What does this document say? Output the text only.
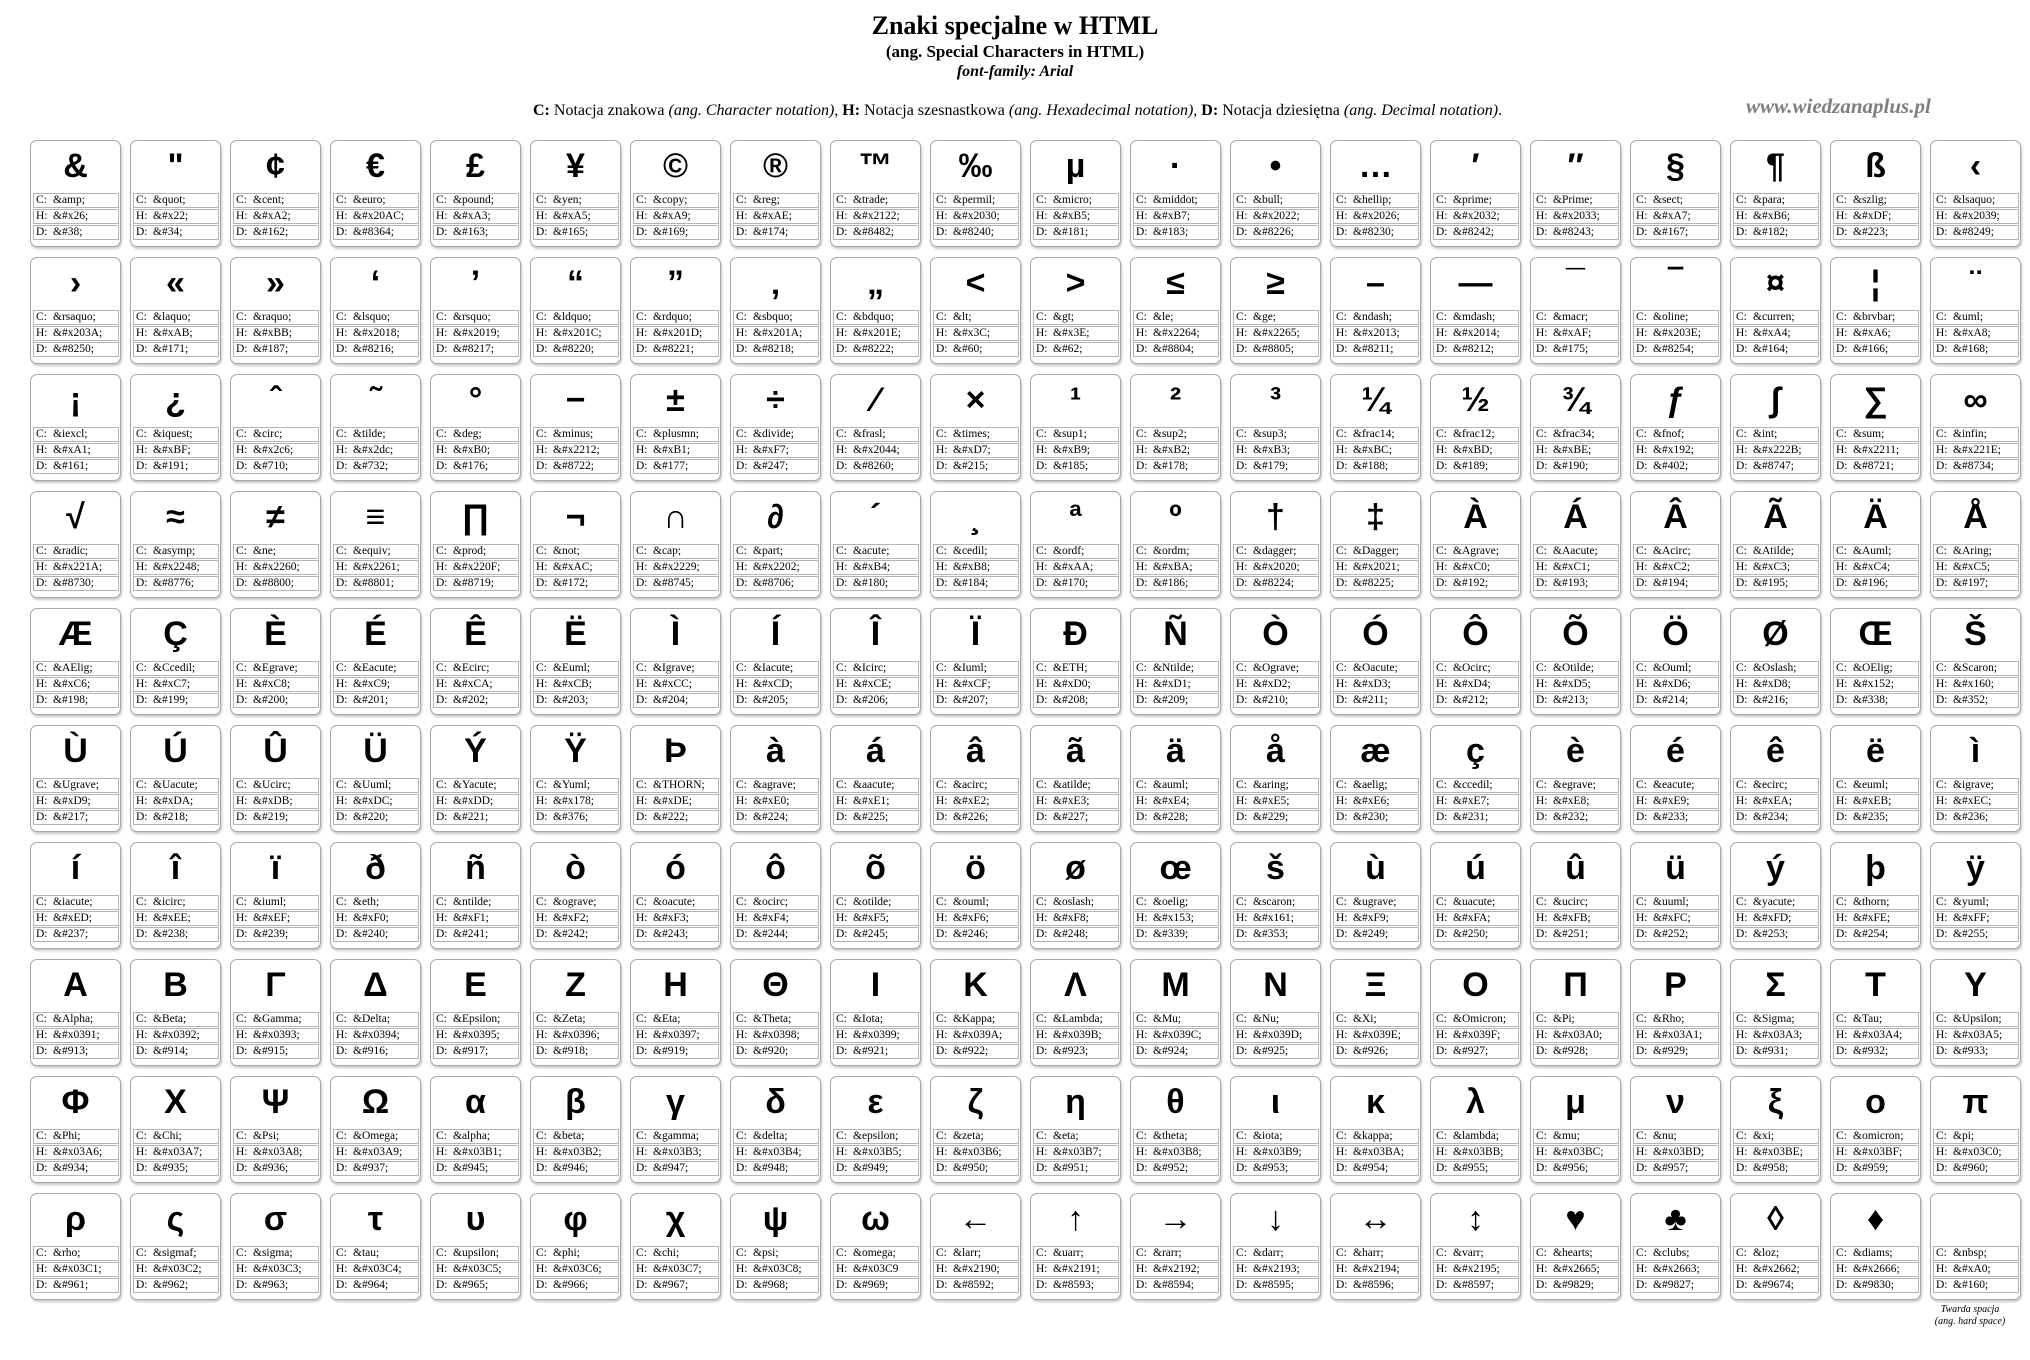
Znaki specjalne w HTML
(ang. Special Characters in HTML)
font-family: Arial
C: Notacja znakowa (ang. Character notation), H: Notacja szesnastkowa (ang. Hexadecimal notation), D: Notacja dziesiętna (ang. Decimal notation).	www.wiedzanaplus.pl
&
C: &amp;
H: &#x26;
D: &#38;
"
C: &quot;
H: &#x22;
D: &#34;
¢
C: &cent;
H: &#xA2;
D: &#162;
€
C: &euro;
H: &#x20AC;
D: &#8364;
£
C: &pound;
H: &#xA3;
D: &#163;
¥
C: &yen;
H: &#xA5;
D: &#165;
©
C: &copy;
H: &#xA9;
D: &#169;
®
C: &reg;
H: &#xAE;
D: &#174;
™
C: &trade;
H: &#x2122;
D: &#8482;
‰
C: &permil;
H: &#x2030;
D: &#8240;
µ
C: &micro;
H: &#xB5;
D: &#181;
·
C: &middot;
H: &#xB7;
D: &#183;
•
C: &bull;
H: &#x2022;
D: &#8226;
…
C: &hellip;
H: &#x2026;
D: &#8230;
′
C: &prime;
H: &#x2032;
D: &#8242;
″
C: &Prime;
H: &#x2033;
D: &#8243;
§
C: &sect;
H: &#xA7;
D: &#167;
¶
C: &para;
H: &#xB6;
D: &#182;
ß
C: &szlig;
H: &#xDF;
D: &#223;
‹
C: &lsaquo;
H: &#x2039;
D: &#8249;
›
C: &rsaquo;
H: &#x203A;
D: &#8250;
«
C: &laquo;
H: &#xAB;
D: &#171;
»
C: &raquo;
H: &#xBB;
D: &#187;
‘
C: &lsquo;
H: &#x2018;
D: &#8216;
’
C: &rsquo;
H: &#x2019;
D: &#8217;
“
C: &ldquo;
H: &#x201C;
D: &#8220;
”
C: &rdquo;
H: &#x201D;
D: &#8221;
‚
C: &sbquo;
H: &#x201A;
D: &#8218;
„
C: &bdquo;
H: &#x201E;
D: &#8222;
<
C: &lt;
H: &#x3C;
D: &#60;
>
C: &gt;
H: &#x3E;
D: &#62;
≤
C: &le;
H: &#x2264;
D: &#8804;
≥
C: &ge;
H: &#x2265;
D: &#8805;
–
C: &ndash;
H: &#x2013;
D: &#8211;
—
C: &mdash;
H: &#x2014;
D: &#8212;
¯
C: &macr;
H: &#xAF;
D: &#175;
‾
C: &oline;
H: &#x203E;
D: &#8254;
¤
C: &curren;
H: &#xA4;
D: &#164;
¦
C: &brvbar;
H: &#xA6;
D: &#166;
¨
C: &uml;
H: &#xA8;
D: &#168;
¡
C: &iexcl;
H: &#xA1;
D: &#161;
¿
C: &iquest;
H: &#xBF;
D: &#191;
ˆ
C: &circ;
H: &#x2c6;
D: &#710;
˜
C: &tilde;
H: &#x2dc;
D: &#732;
°
C: &deg;
H: &#xB0;
D: &#176;
−
C: &minus;
H: &#x2212;
D: &#8722;
±
C: &plusmn;
H: &#xB1;
D: &#177;
÷
C: &divide;
H: &#xF7;
D: &#247;
⁄
C: &frasl;
H: &#x2044;
D: &#8260;
×
C: &times;
H: &#xD7;
D: &#215;
¹
C: &sup1;
H: &#xB9;
D: &#185;
²
C: &sup2;
H: &#xB2;
D: &#178;
³
C: &sup3;
H: &#xB3;
D: &#179;
¼
C: &frac14;
H: &#xBC;
D: &#188;
½
C: &frac12;
H: &#xBD;
D: &#189;
¾
C: &frac34;
H: &#xBE;
D: &#190;
ƒ
C: &fnof;
H: &#x192;
D: &#402;
∫
C: &int;
H: &#x222B;
D: &#8747;
∑
C: &sum;
H: &#x2211;
D: &#8721;
∞
C: &infin;
H: &#x221E;
D: &#8734;
√
C: &radic;
H: &#x221A;
D: &#8730;
≈
C: &asymp;
H: &#x2248;
D: &#8776;
≠
C: &ne;
H: &#x2260;
D: &#8800;
≡
C: &equiv;
H: &#x2261;
D: &#8801;
∏
C: &prod;
H: &#x220F;
D: &#8719;
¬
C: &not;
H: &#xAC;
D: &#172;
∩
C: &cap;
H: &#x2229;
D: &#8745;
∂
C: &part;
H: &#x2202;
D: &#8706;
´
C: &acute;
H: &#xB4;
D: &#180;
¸
C: &cedil;
H: &#xB8;
D: &#184;
ª
C: &ordf;
H: &#xAA;
D: &#170;
º
C: &ordm;
H: &#xBA;
D: &#186;
†
C: &dagger;
H: &#x2020;
D: &#8224;
‡
C: &Dagger;
H: &#x2021;
D: &#8225;
À
C: &Agrave;
H: &#xC0;
D: &#192;
Á
C: &Aacute;
H: &#xC1;
D: &#193;
Â
C: &Acirc;
H: &#xC2;
D: &#194;
Ã
C: &Atilde;
H: &#xC3;
D: &#195;
Ä
C: &Auml;
H: &#xC4;
D: &#196;
Å
C: &Aring;
H: &#xC5;
D: &#197;
Æ
C: &AElig;
H: &#xC6;
D: &#198;
Ç
C: &Ccedil;
H: &#xC7;
D: &#199;
È
C: &Egrave;
H: &#xC8;
D: &#200;
É
C: &Eacute;
H: &#xC9;
D: &#201;
Ê
C: &Ecirc;
H: &#xCA;
D: &#202;
Ë
C: &Euml;
H: &#xCB;
D: &#203;
Ì
C: &Igrave;
H: &#xCC;
D: &#204;
Í
C: &Iacute;
H: &#xCD;
D: &#205;
Î
C: &Icirc;
H: &#xCE;
D: &#206;
Ï
C: &Iuml;
H: &#xCF;
D: &#207;
Ð
C: &ETH;
H: &#xD0;
D: &#208;
Ñ
C: &Ntilde;
H: &#xD1;
D: &#209;
Ò
C: &Ograve;
H: &#xD2;
D: &#210;
Ó
C: &Oacute;
H: &#xD3;
D: &#211;
Ô
C: &Ocirc;
H: &#xD4;
D: &#212;
Õ
C: &Otilde;
H: &#xD5;
D: &#213;
Ö
C: &Ouml;
H: &#xD6;
D: &#214;
Ø
C: &Oslash;
H: &#xD8;
D: &#216;
Œ
C: &OElig;
H: &#x152;
D: &#338;
Š
C: &Scaron;
H: &#x160;
D: &#352;
Ù
C: &Ugrave;
H: &#xD9;
D: &#217;
Ú
C: &Uacute;
H: &#xDA;
D: &#218;
Û
C: &Ucirc;
H: &#xDB;
D: &#219;
Ü
C: &Uuml;
H: &#xDC;
D: &#220;
Ý
C: &Yacute;
H: &#xDD;
D: &#221;
Ÿ
C: &Yuml;
H: &#x178;
D: &#376;
Þ
C: &THORN;
H: &#xDE;
D: &#222;
à
C: &agrave;
H: &#xE0;
D: &#224;
á
C: &aacute;
H: &#xE1;
D: &#225;
â
C: &acirc;
H: &#xE2;
D: &#226;
ã
C: &atilde;
H: &#xE3;
D: &#227;
ä
C: &auml;
H: &#xE4;
D: &#228;
å
C: &aring;
H: &#xE5;
D: &#229;
æ
C: &aelig;
H: &#xE6;
D: &#230;
ç
C: &ccedil;
H: &#xE7;
D: &#231;
è
C: &egrave;
H: &#xE8;
D: &#232;
é
C: &eacute;
H: &#xE9;
D: &#233;
ê
C: &ecirc;
H: &#xEA;
D: &#234;
ë
C: &euml;
H: &#xEB;
D: &#235;
ì
C: &igrave;
H: &#xEC;
D: &#236;
í
C: &iacute;
H: &#xED;
D: &#237;
î
C: &icirc;
H: &#xEE;
D: &#238;
ï
C: &iuml;
H: &#xEF;
D: &#239;
ð
C: &eth;
H: &#xF0;
D: &#240;
ñ
C: &ntilde;
H: &#xF1;
D: &#241;
ò
C: &ograve;
H: &#xF2;
D: &#242;
ó
C: &oacute;
H: &#xF3;
D: &#243;
ô
C: &ocirc;
H: &#xF4;
D: &#244;
õ
C: &otilde;
H: &#xF5;
D: &#245;
ö
C: &ouml;
H: &#xF6;
D: &#246;
ø
C: &oslash;
H: &#xF8;
D: &#248;
œ
C: &oelig;
H: &#x153;
D: &#339;
š
C: &scaron;
H: &#x161;
D: &#353;
ù
C: &ugrave;
H: &#xF9;
D: &#249;
ú
C: &uacute;
H: &#xFA;
D: &#250;
û
C: &ucirc;
H: &#xFB;
D: &#251;
ü
C: &uuml;
H: &#xFC;
D: &#252;
ý
C: &yacute;
H: &#xFD;
D: &#253;
þ
C: &thorn;
H: &#xFE;
D: &#254;
ÿ
C: &yuml;
H: &#xFF;
D: &#255;
Α
C: &Alpha;
H: &#x0391;
D: &#913;
Β
C: &Beta;
H: &#x0392;
D: &#914;
Γ
C: &Gamma;
H: &#x0393;
D: &#915;
Δ
C: &Delta;
H: &#x0394;
D: &#916;
Ε
C: &Epsilon;
H: &#x0395;
D: &#917;
Ζ
C: &Zeta;
H: &#x0396;
D: &#918;
Η
C: &Eta;
H: &#x0397;
D: &#919;
Θ
C: &Theta;
H: &#x0398;
D: &#920;
Ι
C: &Iota;
H: &#x0399;
D: &#921;
Κ
C: &Kappa;
H: &#x039A;
D: &#922;
Λ
C: &Lambda;
H: &#x039B;
D: &#923;
Μ
C: &Mu;
H: &#x039C;
D: &#924;
Ν
C: &Nu;
H: &#x039D;
D: &#925;
Ξ
C: &Xi;
H: &#x039E;
D: &#926;
Ο
C: &Omicron;
H: &#x039F;
D: &#927;
Π
C: &Pi;
H: &#x03A0;
D: &#928;
Ρ
C: &Rho;
H: &#x03A1;
D: &#929;
Σ
C: &Sigma;
H: &#x03A3;
D: &#931;
Τ
C: &Tau;
H: &#x03A4;
D: &#932;
Υ
C: &Upsilon;
H: &#x03A5;
D: &#933;
Φ
C: &Phi;
H: &#x03A6;
D: &#934;
Χ
C: &Chi;
H: &#x03A7;
D: &#935;
Ψ
C: &Psi;
H: &#x03A8;
D: &#936;
Ω
C: &Omega;
H: &#x03A9;
D: &#937;
α
C: &alpha;
H: &#x03B1;
D: &#945;
β
C: &beta;
H: &#x03B2;
D: &#946;
γ
C: &gamma;
H: &#x03B3;
D: &#947;
δ
C: &delta;
H: &#x03B4;
D: &#948;
ε
C: &epsilon;
H: &#x03B5;
D: &#949;
ζ
C: &zeta;
H: &#x03B6;
D: &#950;
η
C: &eta;
H: &#x03B7;
D: &#951;
θ
C: &theta;
H: &#x03B8;
D: &#952;
ι
C: &iota;
H: &#x03B9;
D: &#953;
κ
C: &kappa;
H: &#x03BA;
D: &#954;
λ
C: &lambda;
H: &#x03BB;
D: &#955;
μ
C: &mu;
H: &#x03BC;
D: &#956;
ν
C: &nu;
H: &#x03BD;
D: &#957;
ξ
C: &xi;
H: &#x03BE;
D: &#958;
ο
C: &omicron;
H: &#x03BF;
D: &#959;
π
C: &pi;
H: &#x03C0;
D: &#960;
ρ
C: &rho;
H: &#x03C1;
D: &#961;
ς
C: &sigmaf;
H: &#x03C2;
D: &#962;
σ
C: &sigma;
H: &#x03C3;
D: &#963;
τ
C: &tau;
H: &#x03C4;
D: &#964;
υ
C: &upsilon;
H: &#x03C5;
D: &#965;
φ
C: &phi;
H: &#x03C6;
D: &#966;
χ
C: &chi;
H: &#x03C7;
D: &#967;
ψ
C: &psi;
H: &#x03C8;
D: &#968;
ω
C: &omega;
H: &#x03C9
D: &#969;
←
C: &larr;
H: &#x2190;
D: &#8592;
↑
C: &uarr;
H: &#x2191;
D: &#8593;
→
C: &rarr;
H: &#x2192;
D: &#8594;
↓
C: &darr;
H: &#x2193;
D: &#8595;
↔
C: &harr;
H: &#x2194;
D: &#8596;
↕
C: &varr;
H: &#x2195;
D: &#8597;
♥
C: &hearts;
H: &#x2665;
D: &#9829;
♣
C: &clubs;
H: &#x2663;
D: &#9827;
◊
C: &loz;
H: &#x2662;
D: &#9674;
♦
C: &diams;
H: &#x2666;
D: &#9830;
C: &nbsp;
H: &#xA0;
D: &#160;
Twarda spacja
(ang. hard space)
